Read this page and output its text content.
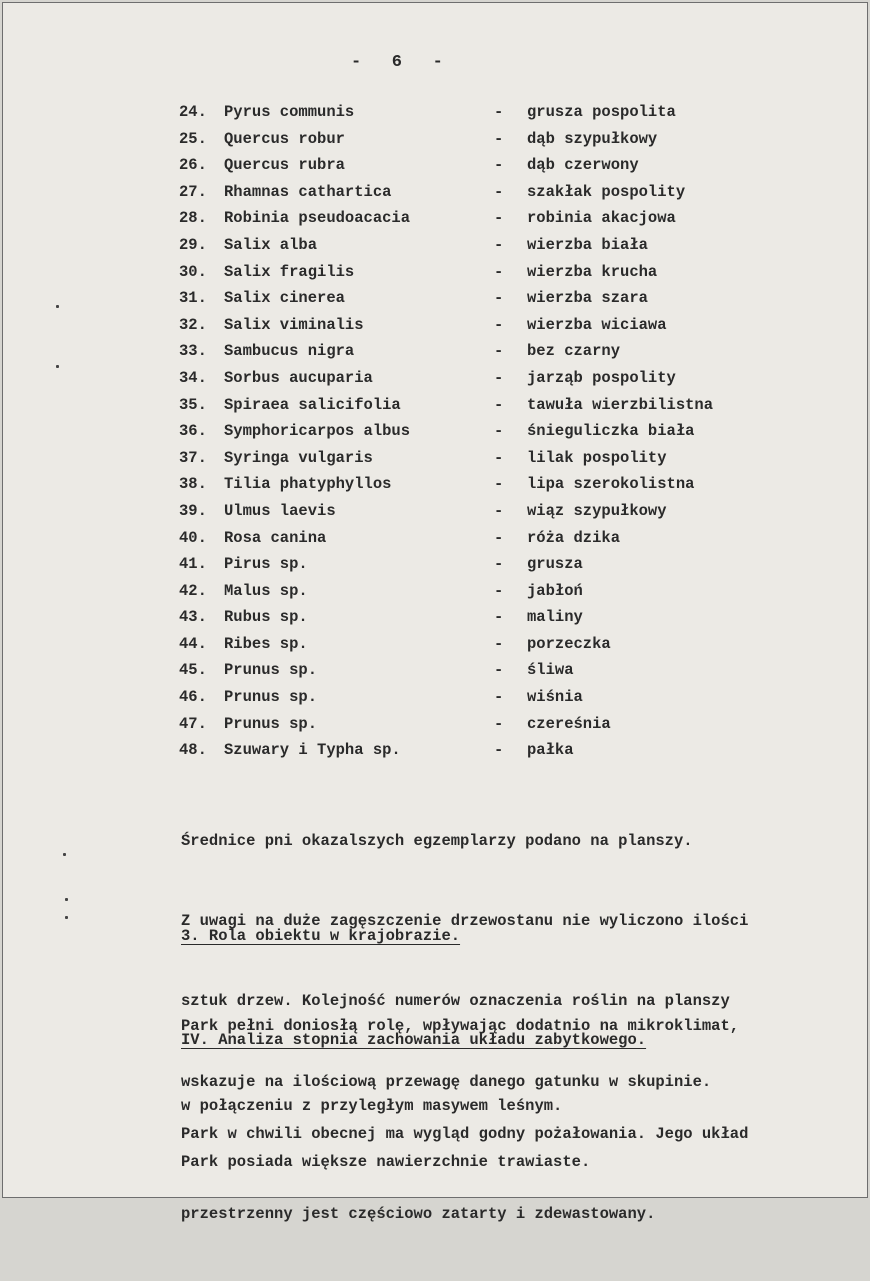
-   6   -
24. Pyrus communis	- grusza pospolita
25. Quercus robur	- dąb szypułkowy
26. Quercus rubra	- dąb czerwony
27. Rhamnas cathartica	- szakłak pospolity
28. Robinia pseudoacacia	- robinia akacjowa
29. Salix alba	- wierzba biała
30. Salix fragilis	- wierzba krucha
31. Salix cinerea	- wierzba szara
32. Salix viminalis	- wierzba wiciawa
33. Sambucus nigra	- bez czarny
34. Sorbus aucuparia	- jarząb pospolity
35. Spiraea salicifolia	- tawuła wierzbilistna
36. Symphoricarpos albus	- śnieguliczka biała
37. Syringa vulgaris	- lilak pospolity
38. Tilia phatyphyllos	- lipa szerokolistna
39. Ulmus laevis	- wiąz szypułkowy
40. Rosa canina	- róża dzika
41. Pirus sp.	- grusza
42. Malus sp.	- jabłoń
43. Rubus sp.	- maliny
44. Ribes sp.	- porzeczka
45. Prunus sp.	- śliwa
46. Prunus sp.	- wiśnia
47. Prunus sp.	- czereśnia
48. Szuwary i Typha sp.	- pałka

Średnice pni okazalszych egzemplarzy podano na planszy.

Z uwagi na duże zagęszczenie drzewostanu nie wyliczono ilości

sztuk drzew. Kolejność numerów oznaczenia roślin na planszy

wskazuje na ilościową przewagę danego gatunku w skupinie.

Park posiada większe nawierzchnie trawiaste.

3. Rola obiektu w krajobrazie.

Park pełni doniosłą rolę, wpływając dodatnio na mikroklimat,

w połączeniu z przyległym masywem leśnym.

IV. Analiza stopnia zachowania układu zabytkowego.

Park w chwili obecnej ma wygląd godny pożałowania. Jego układ

przestrzenny jest częściowo zatarty i zdewastowany.
